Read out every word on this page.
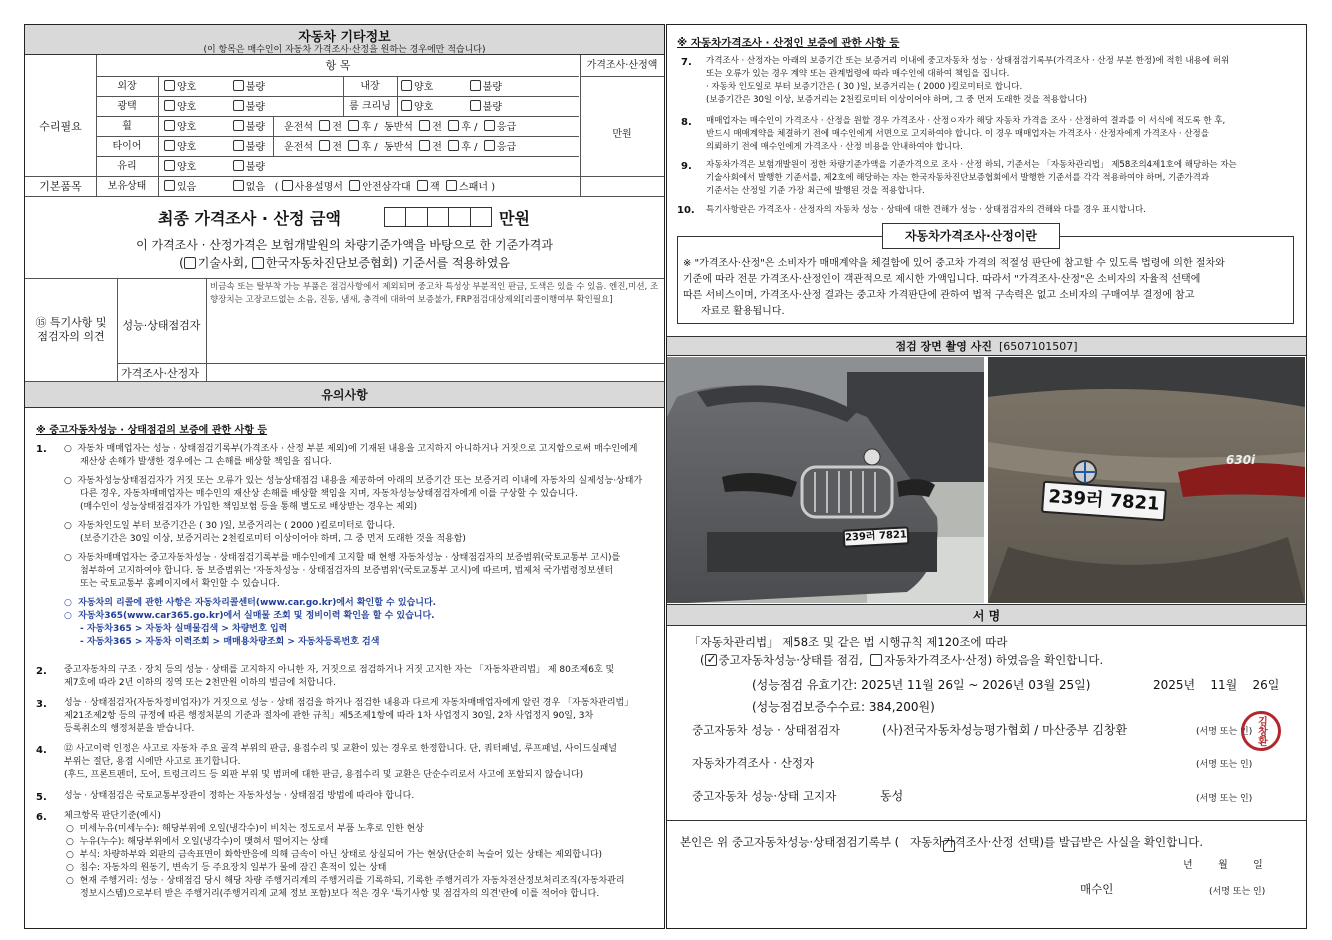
자동차 기타정보
(이 항목은 매수인이 자동차 가격조사·산정을 원하는 경우에만 적습니다)
항 목	가격조사·산정액
수리필요
만원
기본품목
외장	양호	불량	내장	양호	불량
광택	양호	불량	룸 크리닝	양호	불량
휠	양호	불량 운전석 전 후 /  동반석 전 후 /  응급
타이어	양호	불량 운전석 전 후 /  동반석 전 후 /  응급
유리	양호	불량
보유상태	있음	없음   ( 사용설명서 안전삼각대 잭 스패너 )
최종 가격조사 · 산정 금액	만원
이 가격조사 · 산정가격은 보험개발원의 차량기준가액을 바탕으로 한 기준가격과
( 기술사회, 한국자동차진단보증협회) 기준서를 적용하였음
⑮ 특기사항 및
점검자의 의견
성능·상태점검자
비금속 또는 탈부착 가능 부품은 점검사항에서 제외되며 중고차 특성상 부분적인 판금, 도색은 있을 수 있음. 엔진,미션, 조향장치는 고장코드없는 소음, 진동, 냄새, 충격에 대하여 보증불가, FRP점검대상제외[리콜이행여부 확인필요]
가격조사·산정자
유의사항
※ 중고자동차성능 · 상태점검의 보증에 관한 사항 등
1. ○  자동차 매매업자는 성능 · 상태점검기록부(가격조사 · 산정 부분 제외)에 기재된 내용을 고지하지 아니하거나 거짓으로 고지함으로써 매수인에게
재산상 손해가 발생한 경우에는 그 손해를 배상할 책임을 집니다.
○  자동차성능상태점검자가 거짓 또는 오류가 있는 성능상태점검 내용을 제공하여 아래의 보증기간 또는 보증거리 이내에 자동차의 실제성능·상태가
다른 경우, 자동차매매업자는 매수인의 재산상 손해를 배상할 책임을 지며, 자동차성능상태점검자에게 이를 구상할 수 있습니다.
(매수인이 성능상태점검자가 가입한 책임보험 등을 통해 별도로 배상받는 경우는 제외)
○  자동차인도일 부터 보증기간은 ( 30 )일, 보증거리는 ( 2000 )킬로미터로 합니다.
(보증기간은 30일 이상, 보증거리는 2천킬로미터 이상이어야 하며, 그 중 먼저 도래한 것을 적용함)
○  자동차매매업자는 중고자동차성능 · 상태점검기록부를 매수인에게 고지할 때 현행 자동차성능 · 상태점검자의 보증범위(국토교통부 고시)를
첨부하여 고지하여야 합니다. 동 보증범위는 '자동차성능 · 상태점검자의 보증범위'(국토교통부 고시)에 따르며, 법제처 국가법령정보센터
또는 국토교통부 홈페이지에서 확인할 수 있습니다.
○  자동차의 리콜에 관한 사항은 자동차리콜센터(www.car.go.kr)에서 확인할 수 있습니다.
○  자동차365(www.car365.go.kr)에서 실매물 조회 및 정비이력 확인을 할 수 있습니다.
- 자동차365 > 자동차 실매물검색 > 차량번호 입력
- 자동차365 > 자동차 이력조회 > 매매용차량조회 > 자동차등록번호 검색
2. 중고자동차의 구조 · 장치 등의 성능 · 상태를 고지하지 아니한 자, 거짓으로 점검하거나 거짓 고지한 자는 「자동차관리법」 제 80조제6호 및
제7호에 따라 2년 이하의 징역 또는 2천만원 이하의 벌금에 처합니다.
3. 성능 · 상태점검자(자동차정비업자)가 거짓으로 성능 · 상태 점검을 하거나 점검한 내용과 다르게 자동차매매업자에게 알린 경우 「자동차관리법」
제21조제2항 등의 규정에 따른 행정처분의 기준과 절차에 관한 규칙」제5조제1항에 따라 1차 사업정지 30일, 2차 사업정지 90일, 3차
등록취소의 행정처분을 받습니다.
4. ⑫ 사고이력 인정은 사고로 자동차 주요 골격 부위의 판금, 용접수리 및 교환이 있는 경우로 한정합니다. 단, 쿼터패널, 루프패널, 사이드실패널
부위는 절단, 용접 시에만 사고로 표기합니다.
(후드, 프론트펜더, 도어, 트렁크리드 등 외판 부위 및 범퍼에 대한 판금, 용접수리 및 교환은 단순수리로서 사고에 포함되지 않습니다)
5. 성능 · 상태점검은 국토교통부장관이 정하는 자동차성능 · 상태점검 방법에 따라야 합니다.
6. 체크항목 판단기준(예시)
○  미세누유(미세누수): 해당부위에 오일(냉각수)이 비치는 정도로서 부품 노후로 인한 현상
○  누유(누수): 해당부위에서 오일(냉각수)이 맺혀서 떨어지는 상태
○  부식: 차량하부와 외판의 금속표면이 화학반응에 의해 금속이 아닌 상태로 상실되어 가는 현상(단순히 녹슬어 있는 상태는 제외합니다)
○  침수: 자동차의 원동기, 변속기 등 주요장치 일부가 물에 잠긴 흔적이 있는 상태
○  현재 주행거리: 성능 · 상태점검 당시 해당 차량 주행거리계의 주행거리를 기록하되, 기록한 주행거리가 자동차전산정보처리조직(자동차관리
정보시스템)으로부터 받은 주행거리(주행거리계 교체 정보 포함)보다 적은 경우 '특기사항 및 점검자의 의견'란에 이를 적어야 합니다.
※ 자동차가격조사 · 산정인 보증에 관한 사항 등
7. 가격조사 · 산정자는 아래의 보증기간 또는 보증거리 이내에 중고자동차 성능 · 상태점검기록부(가격조사 · 산정 부분 한정)에 적힌 내용에 허위
또는 오류가 있는 경우 계약 또는 관계법령에 따라 매수인에 대하여 책임을 집니다.
· 자동차 인도일로 부터 보증기간은 ( 30 )일, 보증거리는 ( 2000 )킬로미터로 합니다.
(보증기간은 30일 이상, 보증거리는 2천킬로미터 이상이어야 하며, 그 중 먼저 도래한 것을 적용합니다)
8. 매매업자는 매수인이 가격조사 · 산정을 원할 경우 가격조사 · 산정ㅇ자가 해당 자동차 가격을 조사 · 산정하여 결과를 이 서식에 적도록 한 후,
반드시 매매계약을 체결하기 전에 매수인에게 서면으로 고지하여야 합니다. 이 경우 매매업자는 가격조사 · 산정자에게 가격조사 · 산정을
의뢰하기 전에 매수인에게 가격조사 · 산정 비용을 안내하여야 합니다.
9. 자동차가격은 보험개발원이 정한 차량기준가액을 기준가격으로 조사 · 산정 하되, 기준서는 「자동차관리법」 제58조의4제1호에 해당하는 자는
기술사회에서 발행한 기준서를, 제2호에 해당하는 자는 한국자동차진단보증협회에서 발행한 기준서를 각각 적용하여야 하며, 기준가격과
기준서는 산정일 기준 가장 최근에 발행된 것을 적용합니다.
10. 특기사항란은 가격조사 · 산정자의 자동차 성능 · 상태에 대한 견해가 성능 · 상태점검자의 견해와 다를 경우 표시합니다.
자동차가격조사·산정이란
※ "가격조사·산정"은 소비자가 매매계약을 체결함에 있어 중고차 가격의 적절성 판단에 참고할 수 있도록 법령에 의한 절차와
기준에 따라 전문 가격조사·산정인이 객관적으로 제시한 가액입니다. 따라서 "가격조사·산정"은 소비자의 자율적 선택에
따른 서비스이며, 가격조사·산정 결과는 중고차 가격판단에 관하여 법적 구속력은 없고 소비자의 구매여부 결정에 참고
자료로 활용됩니다.
점검 장면 촬영 사진 [6507101507]
239러 7821
630i
239러 7821
서 명
「자동차관리법」 제58조 및 같은 법 시행규칙 제120조에 따라
(✓ 중고자동차성능·상태를 점검, 자동차가격조사·산정) 하였음을 확인합니다.
(성능점검 유효기간: 2025년 11월 26일 ~ 2026년 03월 25일)	2025년    11월    26일
(성능점검보증수수료: 384,200원)
중고자동차 성능 · 상태점검자	(사)전국자동차성능평가협회 / 마산중부 김창환	(서명 또는 인) 김창환
자동차가격조사 · 산정자	(서명 또는 인)
중고자동차 성능·상태 고지자	동성	(서명 또는 인)
본인은 위 중고자동차성능·상태점검기록부 (   자동차가격조사·산정 선택)를 발급받은 사실을 확인합니다.
년        월        일
매수인	(서명 또는 인)
